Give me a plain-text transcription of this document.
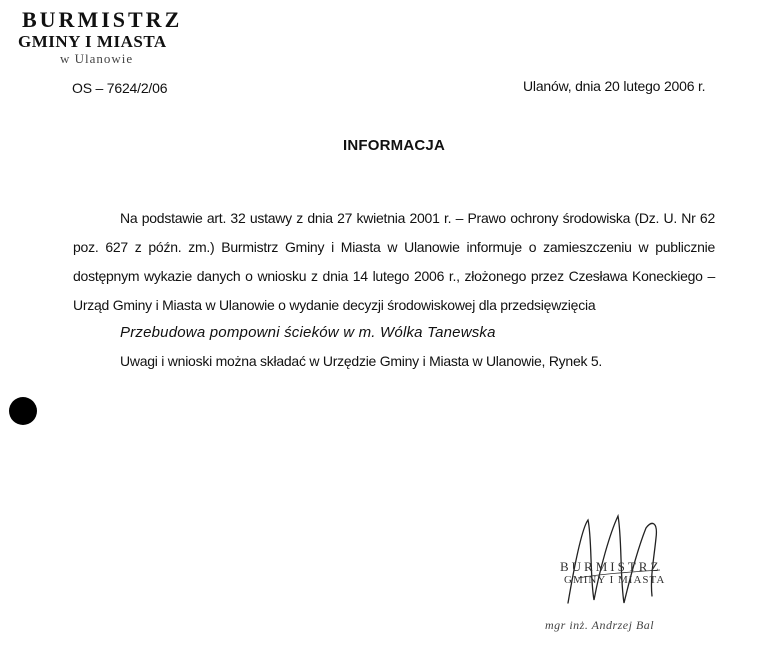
BURMISTRZ
GMINY I MIASTA
w Ulanowie
OS – 7624/2/06	Ulanów, dnia 20 lutego 2006 r.
INFORMACJA

Na podstawie art. 32 ustawy z dnia 27 kwietnia 2001 r. – Prawo ochrony środowiska (Dz. U. Nr 62 poz. 627 z późn. zm.) Burmistrz Gminy i Miasta w Ulanowie informuje o zamieszczeniu w publicznie dostępnym wykazie danych o wniosku z dnia 14 lutego 2006 r., złożonego przez Czesława Koneckiego – Urząd Gminy i Miasta w Ulanowie o wydanie decyzji środowiskowej dla przedsięwzięcia
Przebudowa pompowni ścieków w m. Wólka Tanewska

Uwagi i wnioski można składać w Urzędzie Gminy i Miasta w Ulanowie, Rynek 5.

BURMISTRZ
GMINY I MIASTA
mgr inż. Andrzej Bal
